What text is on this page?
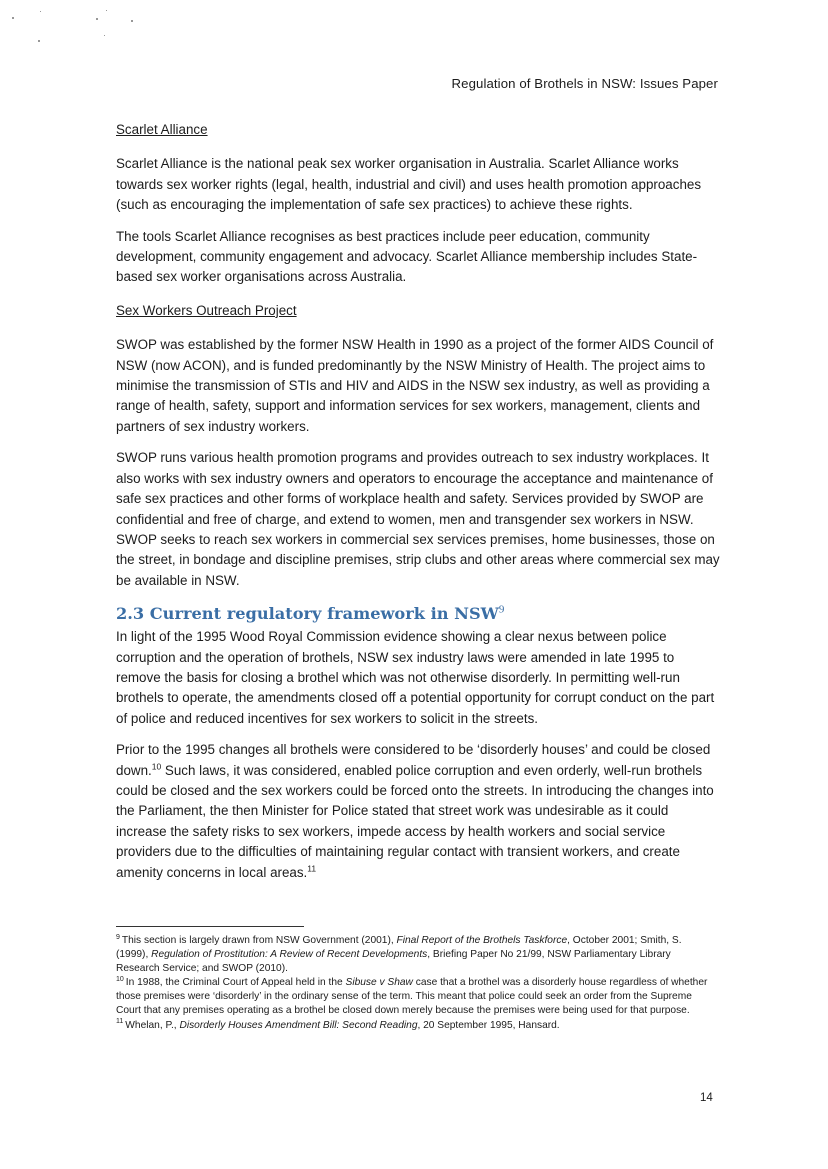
Regulation of Brothels in NSW: Issues Paper

Scarlet Alliance

Scarlet Alliance is the national peak sex worker organisation in Australia. Scarlet Alliance works towards sex worker rights (legal, health, industrial and civil) and uses health promotion approaches (such as encouraging the implementation of safe sex practices) to achieve these rights.

The tools Scarlet Alliance recognises as best practices include peer education, community development, community engagement and advocacy. Scarlet Alliance membership includes State-based sex worker organisations across Australia.

Sex Workers Outreach Project

SWOP was established by the former NSW Health in 1990 as a project of the former AIDS Council of NSW (now ACON), and is funded predominantly by the NSW Ministry of Health. The project aims to minimise the transmission of STIs and HIV and AIDS in the NSW sex industry, as well as providing a range of health, safety, support and information services for sex workers, management, clients and partners of sex industry workers.

SWOP runs various health promotion programs and provides outreach to sex industry workplaces. It also works with sex industry owners and operators to encourage the acceptance and maintenance of safe sex practices and other forms of workplace health and safety. Services provided by SWOP are confidential and free of charge, and extend to women, men and transgender sex workers in NSW. SWOP seeks to reach sex workers in commercial sex services premises, home businesses, those on the street, in bondage and discipline premises, strip clubs and other areas where commercial sex may be available in NSW.

2.3 Current regulatory framework in NSW$^9$

In light of the 1995 Wood Royal Commission evidence showing a clear nexus between police corruption and the operation of brothels, NSW sex industry laws were amended in late 1995 to remove the basis for closing a brothel which was not otherwise disorderly. In permitting well-run brothels to operate, the amendments closed off a potential opportunity for corrupt conduct on the part of police and reduced incentives for sex workers to solicit in the streets.

Prior to the 1995 changes all brothels were considered to be ‘disorderly houses’ and could be closed down.$^{10}$ Such laws, it was considered, enabled police corruption and even orderly, well-run brothels could be closed and the sex workers could be forced onto the streets. In introducing the changes into the Parliament, the then Minister for Police stated that street work was undesirable as it could increase the safety risks to sex workers, impede access by health workers and social service providers due to the difficulties of maintaining regular contact with transient workers, and create amenity concerns in local areas.$^{11}$

$^9$ This section is largely drawn from NSW Government (2001), Final Report of the Brothels Taskforce, October 2001; Smith, S. (1999), Regulation of Prostitution: A Review of Recent Developments, Briefing Paper No 21/99, NSW Parliamentary Library Research Service; and SWOP (2010).

$^{10}$ In 1988, the Criminal Court of Appeal held in the Sibuse v Shaw case that a brothel was a disorderly house regardless of whether those premises were ‘disorderly’ in the ordinary sense of the term. This meant that police could seek an order from the Supreme Court that any premises operating as a brothel be closed down merely because the premises were being used for that purpose.

$^{11}$ Whelan, P., Disorderly Houses Amendment Bill: Second Reading, 20 September 1995, Hansard.

14
